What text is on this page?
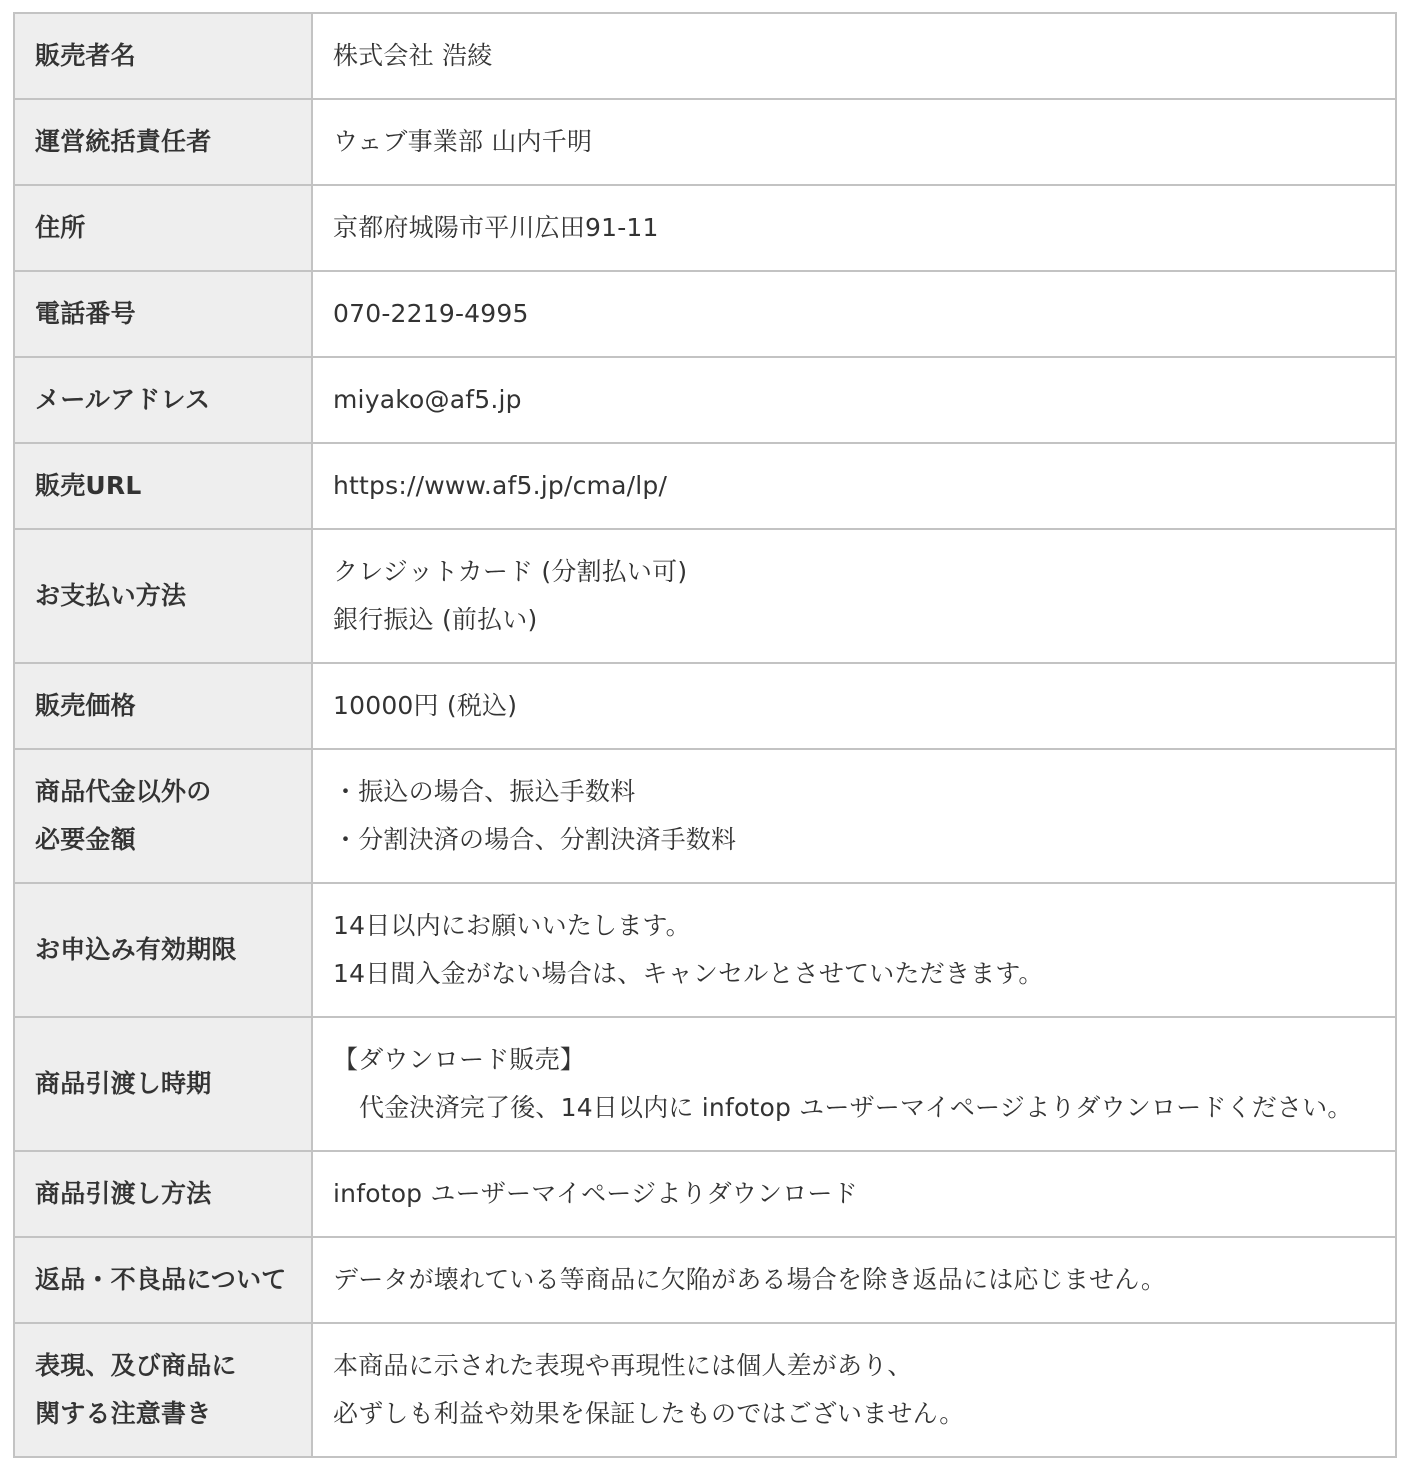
販売者名	株式会社 浩綾

運営統括責任者	ウェブ事業部 山内千明

住所	京都府城陽市平川広田91-11

電話番号	070-2219-4995

メールアドレス	miyako@af5.jp

販売URL	https://www.af5.jp/cma/lp/

お支払い方法	クレジットカード (分割払い可)
銀行振込 (前払い)

販売価格	10000円 (税込)

商品代金以外の
必要金額	・振込の場合、振込手数料
・分割決済の場合、分割決済手数料

お申込み有効期限	14日以内にお願いいたします。
14日間入金がない場合は、キャンセルとさせていただきます。

商品引渡し時期	【ダウンロード販売】
代金決済完了後、14日以内に infotop ユーザーマイページよりダウンロードください。

商品引渡し方法	infotop ユーザーマイページよりダウンロード

返品・不良品について	データが壊れている等商品に欠陥がある場合を除き返品には応じません。

表現、及び商品に
関する注意書き	本商品に示された表現や再現性には個人差があり、
必ずしも利益や効果を保証したものではございません。
